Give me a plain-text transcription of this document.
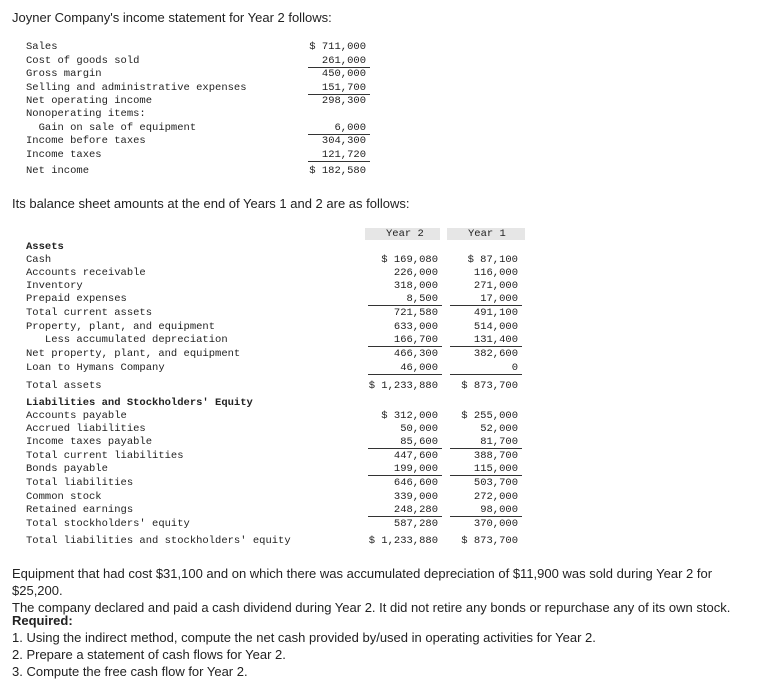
Joyner Company's income statement for Year 2 follows:
Sales	$ 711,000
Cost of goods sold	261,000
Gross margin	450,000
Selling and administrative expenses	151,700
Net operating income	298,300
Nonoperating items:
Gain on sale of equipment	6,000
Income before taxes	304,300
Income taxes	121,720
Net income	$ 182,580
Its balance sheet amounts at the end of Years 1 and 2 are as follows:
Year 2	Year 1
Assets
Cash	$ 169,080	$ 87,100
Accounts receivable	226,000	116,000
Inventory	318,000	271,000
Prepaid expenses	8,500	17,000
Total current assets	721,580	491,100
Property, plant, and equipment	633,000	514,000
Less accumulated depreciation	166,700	131,400
Net property, plant, and equipment	466,300	382,600
Loan to Hymans Company	46,000	0
Total assets	$ 1,233,880	$ 873,700
Liabilities and Stockholders' Equity
Accounts payable	$ 312,000	$ 255,000
Accrued liabilities	50,000	52,000
Income taxes payable	85,600	81,700
Total current liabilities	447,600	388,700
Bonds payable	199,000	115,000
Total liabilities	646,600	503,700
Common stock	339,000	272,000
Retained earnings	248,280	98,000
Total stockholders' equity	587,280	370,000
Total liabilities and stockholders' equity	$ 1,233,880	$ 873,700
Equipment that had cost $31,100 and on which there was accumulated depreciation of $11,900 was sold during Year 2 for $25,200.
The company declared and paid a cash dividend during Year 2. It did not retire any bonds or repurchase any of its own stock.
Required:
1. Using the indirect method, compute the net cash provided by/used in operating activities for Year 2.
2. Prepare a statement of cash flows for Year 2.
3. Compute the free cash flow for Year 2.
